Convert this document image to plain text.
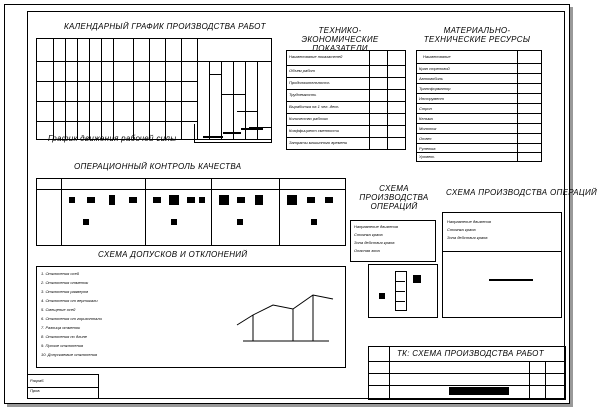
КАЛЕНДАРНЫЙ ГРАФИК ПРОИЗВОДСТВА РАБОТ
График движения рабочей силы
ТЕХНИКО-ЭКОНОМИЧЕСКИЕ ПОКАЗАТЕЛИ
Наименование показателей
Объем работ
Продолжительность
Трудоемкость
Выработка на 1 чел.-день
Количество рабочих
Коэффициент сменности
Затраты машинного времени
МАТЕРИАЛЬНО-ТЕХНИЧЕСКИЕ РЕСУРСЫ
Наименование
Кран стреловой
Автомобиль
Трансформатор
Инструмент
Строп
Кельма
Молоток
Отвес
Рулетка
Уровень
ОПЕРАЦИОННЫЙ КОНТРОЛЬ КАЧЕСТВА
СХЕМА ПРОИЗВОДСТВА ОПЕРАЦИЙ
Направление движения
Стоянка крана
Зона действия крана
Опасная зона
СХЕМА ПРОИЗВОДСТВА ОПЕРАЦИЙ
Направление движения
Стоянка крана
Зона действия крана
СХЕМА ДОПУСКОВ И ОТКЛОНЕНИЙ
1. Отклонения осей
2. Отклонения отметок
3. Отклонения размеров
4. Отклонения от вертикали
5. Смещение осей
6. Отклонения от горизонтали
7. Разница отметок
8. Отклонения по длине
9. Прочие отклонения
10. Допускаемые отклонения	ТК: СХЕМА ПРОИЗВОДСТВА РАБОТ
Разраб.
Пров.
